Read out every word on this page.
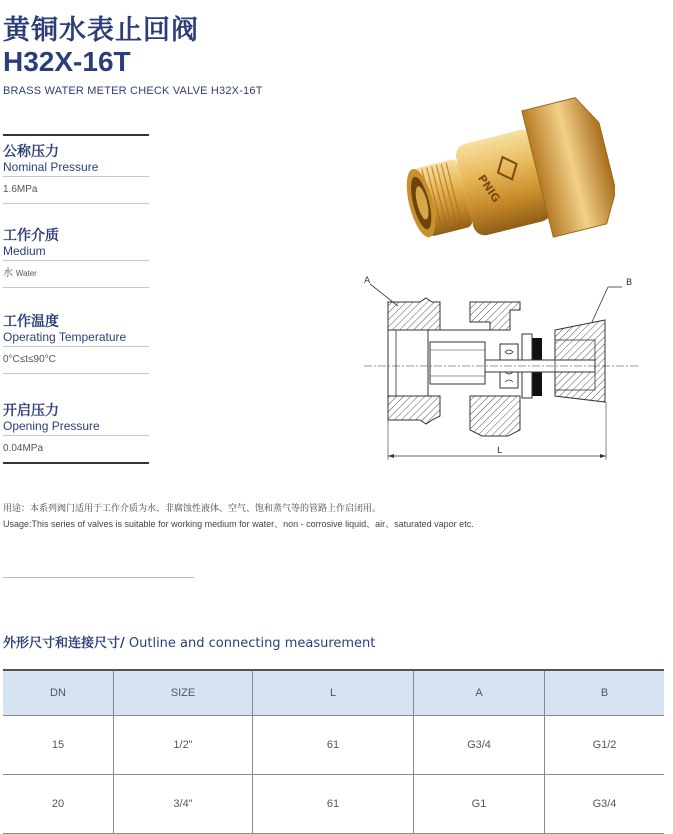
黄铜水表止回阀
H32X-16T
BRASS WATER METER CHECK VALVE H32X-16T
公称压力
Nominal Pressure
1.6MPa
工作介质
Medium
水 Water
工作温度
Operating Temperature
0°C≤t≤90°C
开启压力
Opening Pressure
0.04MPa
PNIG
A	B
L
用途：本系列阀门适用于工作介质为水、非腐蚀性液体、空气、饱和蒸气等的管路上作启闭用。
Usage:This series of valves is suitable for working medium for water、non - corrosive liquid、air、saturated vapor etc.
外形尺寸和连接尺寸/ Outline and connecting measurement
DN	SIZE	L	A	B
15	1/2"	61	G3/4	G1/2
20	3/4"	61	G1	G3/4
